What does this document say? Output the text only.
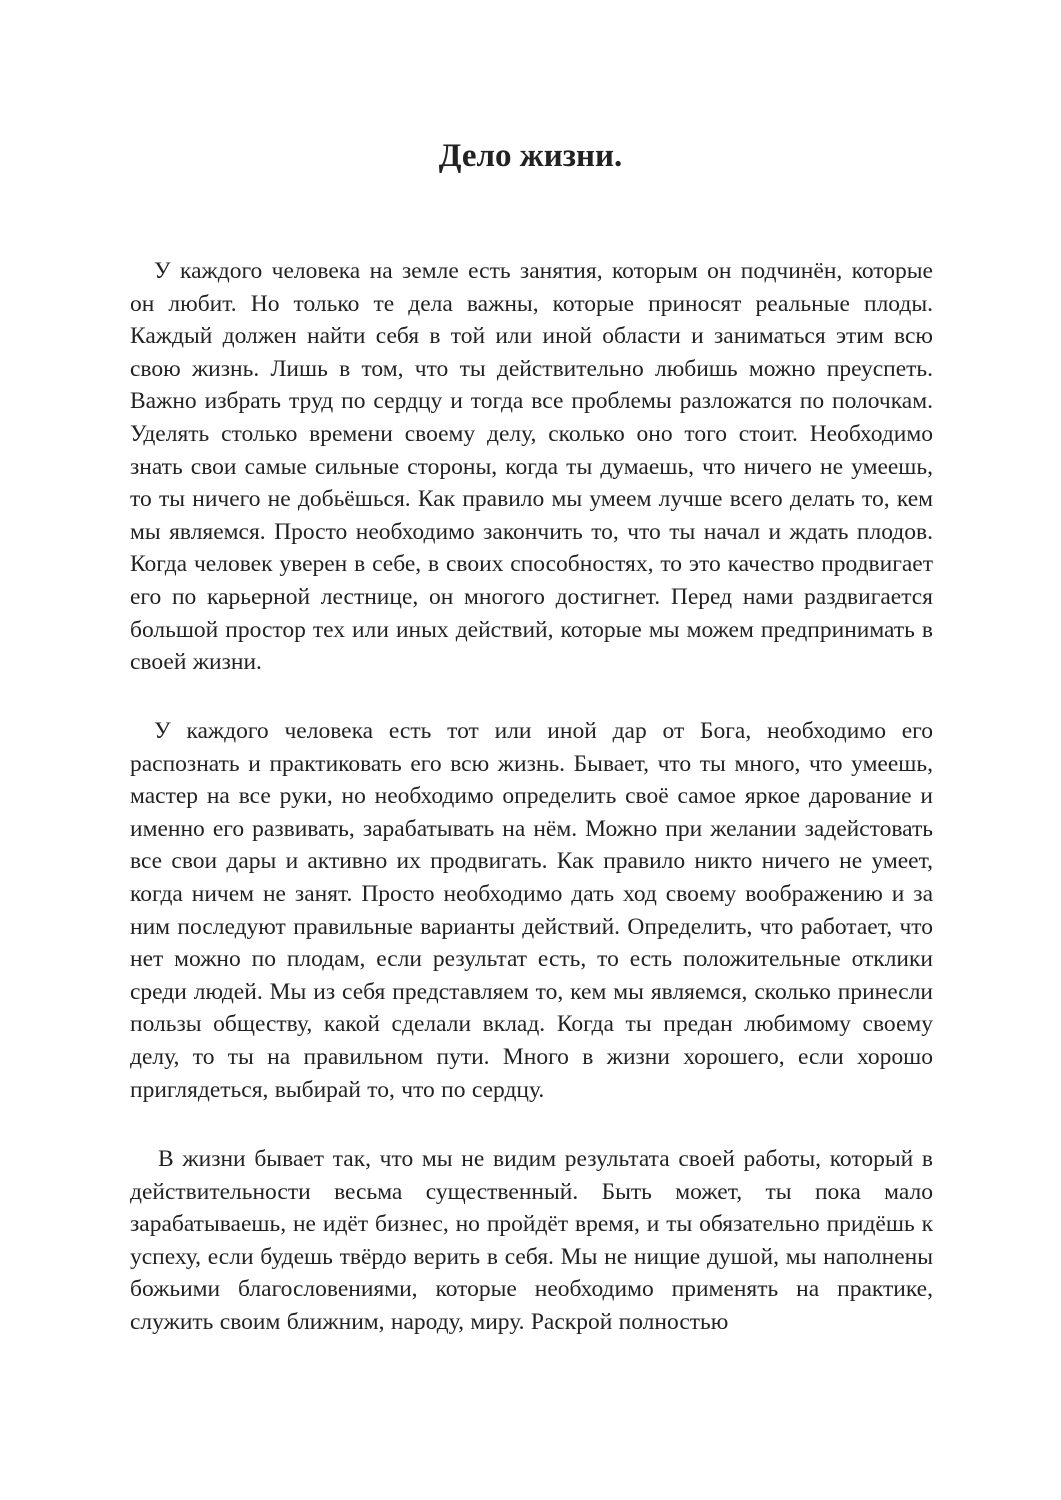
Дело жизни.

У каждого человека на земле есть занятия, которым он подчинён, которые он любит. Но только те дела важны, которые приносят реальные плоды. Каждый должен найти себя в той или иной области и заниматься этим всю свою жизнь. Лишь в том, что ты действительно любишь можно преуспеть. Важно избрать труд по сердцу и тогда все проблемы разложатся по полочкам. Уделять столько времени своему делу, сколько оно того стоит. Необходимо знать свои самые сильные стороны, когда ты думаешь, что ничего не умеешь, то ты ничего не добьёшься. Как правило мы умеем лучше всего делать то, кем мы являемся. Просто необходимо закончить то, что ты начал и ждать плодов. Когда человек уверен в себе, в своих способностях, то это качество продвигает его по карьерной лестнице, он многого достигнет. Перед нами раздвигается большой простор тех или иных действий, которые мы можем предпринимать в своей жизни.

У каждого человека есть тот или иной дар от Бога, необходимо его распознать и практиковать его всю жизнь. Бывает, что ты много, что умеешь, мастер на все руки, но необходимо определить своё самое яркое дарование и именно его развивать, зарабатывать на нём. Можно при желании задейстовать все свои дары и активно их продвигать. Как правило никто ничего не умеет, когда ничем не занят. Просто необходимо дать ход своему воображению и за ним последуют правильные варианты действий. Определить, что работает, что нет можно по плодам, если результат есть, то есть положительные отклики среди людей. Мы из себя представляем то, кем мы являемся, сколько принесли пользы обществу, какой сделали вклад. Когда ты предан любимому своему делу, то ты на правильном пути. Много в жизни хорошего, если хорошо приглядеться, выбирай то, что по сердцу.

В жизни бывает так, что мы не видим результата своей работы, который в действительности весьма существенный. Быть может, ты пока мало зарабатываешь, не идёт бизнес, но пройдёт время, и ты обязательно придёшь к успеху, если будешь твёрдо верить в себя. Мы не нищие душой, мы наполнены божьими благословениями, которые необходимо применять на практике, служить своим ближним, народу, миру. Раскрой полностью
